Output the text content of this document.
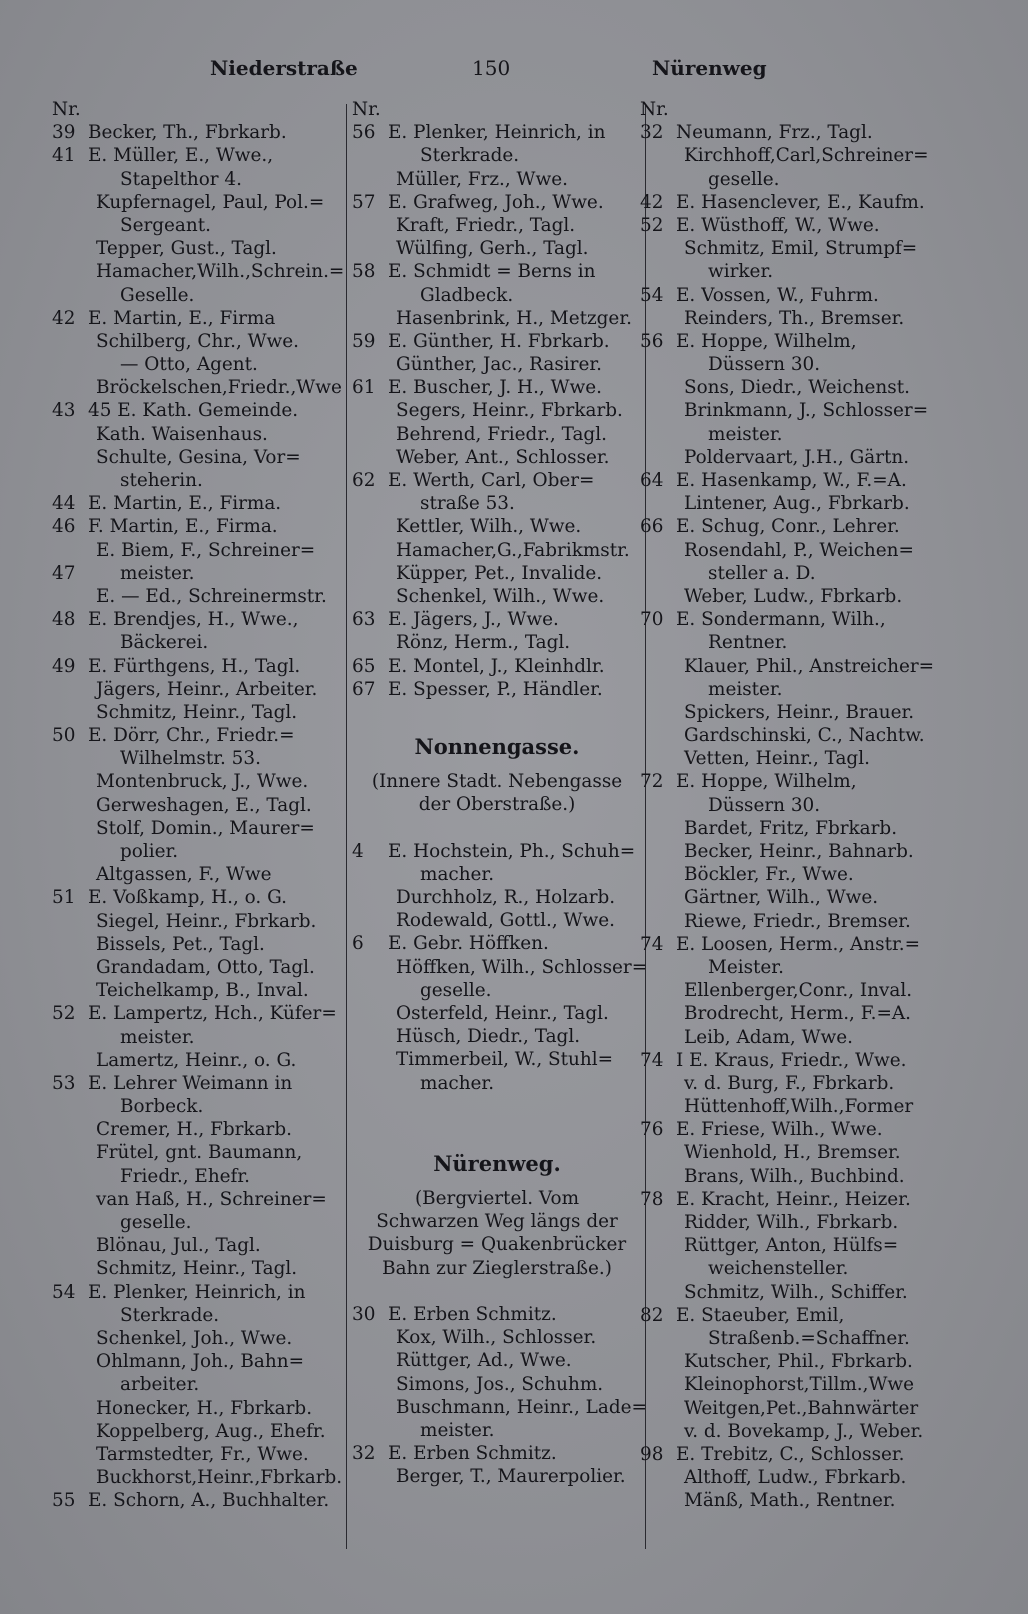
Niederstraße	150	Nürenweg
Nr.
39 Becker, Th., Fbrkarb.
41 E. Müller, E., Wwe.,
Stapelthor 4.
Kupfernagel, Paul, Pol.=
Sergeant.
Tepper, Gust., Tagl.
Hamacher,Wilh.,Schrein.=
Geselle.
42 E. Martin, E., Firma
Schilberg, Chr., Wwe.
— Otto, Agent.
Bröckelschen,Friedr.,Wwe
43 45 E. Kath. Gemeinde.
Kath. Waisenhaus.
Schulte, Gesina, Vor=
steherin.
44 E. Martin, E., Firma.
46 F. Martin, E., Firma.
E. Biem, F., Schreiner=
47	meister.
E. — Ed., Schreinermstr.
48 E. Brendjes, H., Wwe.,
Bäckerei.
49 E. Fürthgens, H., Tagl.
Jägers, Heinr., Arbeiter.
Schmitz, Heinr., Tagl.
50 E. Dörr, Chr., Friedr.=
Wilhelmstr. 53.
Montenbruck, J., Wwe.
Gerweshagen, E., Tagl.
Stolf, Domin., Maurer=
polier.
Altgassen, F., Wwe
51 E. Voßkamp, H., o. G.
Siegel, Heinr., Fbrkarb.
Bissels, Pet., Tagl.
Grandadam, Otto, Tagl.
Teichelkamp, B., Inval.
52 E. Lampertz, Hch., Küfer=
meister.
Lamertz, Heinr., o. G.
53 E. Lehrer Weimann in
Borbeck.
Cremer, H., Fbrkarb.
Frütel, gnt. Baumann,
Friedr., Ehefr.
van Haß, H., Schreiner=
geselle.
Blönau, Jul., Tagl.
Schmitz, Heinr., Tagl.
54 E. Plenker, Heinrich, in
Sterkrade.
Schenkel, Joh., Wwe.
Ohlmann, Joh., Bahn=
arbeiter.
Honecker, H., Fbrkarb.
Koppelberg, Aug., Ehefr.
Tarmstedter, Fr., Wwe.
Buckhorst,Heinr.,Fbrkarb.
55 E. Schorn, A., Buchhalter.
Nr.
56 E. Plenker, Heinrich, in
Sterkrade.
Müller, Frz., Wwe.
57 E. Grafweg, Joh., Wwe.
Kraft, Friedr., Tagl.
Wülfing, Gerh., Tagl.
58 E. Schmidt = Berns in
Gladbeck.
Hasenbrink, H., Metzger.
59 E. Günther, H. Fbrkarb.
Günther, Jac., Rasirer.
61 E. Buscher, J. H., Wwe.
Segers, Heinr., Fbrkarb.
Behrend, Friedr., Tagl.
Weber, Ant., Schlosser.
62 E. Werth, Carl, Ober=
straße 53.
Kettler, Wilh., Wwe.
Hamacher,G.,Fabrikmstr.
Küpper, Pet., Invalide.
Schenkel, Wilh., Wwe.
63 E. Jägers, J., Wwe.
Rönz, Herm., Tagl.
65 E. Montel, J., Kleinhdlr.
67 E. Spesser, P., Händler.
Nonnengasse.
(Innere Stadt. Nebengasse
der Oberstraße.)
4	E. Hochstein, Ph., Schuh=
macher.
Durchholz, R., Holzarb.
Rodewald, Gottl., Wwe.
6	E. Gebr. Höffken.
Höffken, Wilh., Schlosser=
geselle.
Osterfeld, Heinr., Tagl.
Hüsch, Diedr., Tagl.
Timmerbeil, W., Stuhl=
macher.
Nürenweg.
(Bergviertel. Vom
Schwarzen Weg längs der
Duisburg = Quakenbrücker
Bahn zur Zieglerstraße.)
30 E. Erben Schmitz.
Kox, Wilh., Schlosser.
Rüttger, Ad., Wwe.
Simons, Jos., Schuhm.
Buschmann, Heinr., Lade=
meister.
32 E. Erben Schmitz.
Berger, T., Maurerpolier.
Nr.
32 Neumann, Frz., Tagl.
Kirchhoff,Carl,Schreiner=
geselle.
42 E. Hasenclever, E., Kaufm.
52 E. Wüsthoff, W., Wwe.
Schmitz, Emil, Strumpf=
wirker.
54 E. Vossen, W., Fuhrm.
Reinders, Th., Bremser.
56 E. Hoppe, Wilhelm,
Düssern 30.
Sons, Diedr., Weichenst.
Brinkmann, J., Schlosser=
meister.
Poldervaart, J.H., Gärtn.
64 E. Hasenkamp, W., F.=A.
Lintener, Aug., Fbrkarb.
66 E. Schug, Conr., Lehrer.
Rosendahl, P., Weichen=
steller a. D.
Weber, Ludw., Fbrkarb.
70 E. Sondermann, Wilh.,
Rentner.
Klauer, Phil., Anstreicher=
meister.
Spickers, Heinr., Brauer.
Gardschinski, C., Nachtw.
Vetten, Heinr., Tagl.
72 E. Hoppe, Wilhelm,
Düssern 30.
Bardet, Fritz, Fbrkarb.
Becker, Heinr., Bahnarb.
Böckler, Fr., Wwe.
Gärtner, Wilh., Wwe.
Riewe, Friedr., Bremser.
74 E. Loosen, Herm., Anstr.=
Meister.
Ellenberger,Conr., Inval.
Brodrecht, Herm., F.=A.
Leib, Adam, Wwe.
74 I E. Kraus, Friedr., Wwe.
v. d. Burg, F., Fbrkarb.
Hüttenhoff,Wilh.,Former
76 E. Friese, Wilh., Wwe.
Wienhold, H., Bremser.
Brans, Wilh., Buchbind.
78 E. Kracht, Heinr., Heizer.
Ridder, Wilh., Fbrkarb.
Rüttger, Anton, Hülfs=
weichensteller.
Schmitz, Wilh., Schiffer.
82 E. Staeuber, Emil,
Straßenb.=Schaffner.
Kutscher, Phil., Fbrkarb.
Kleinophorst,Tillm.,Wwe
Weitgen,Pet.,Bahnwärter
v. d. Bovekamp, J., Weber.
98 E. Trebitz, C., Schlosser.
Althoff, Ludw., Fbrkarb.
Mänß, Math., Rentner.
